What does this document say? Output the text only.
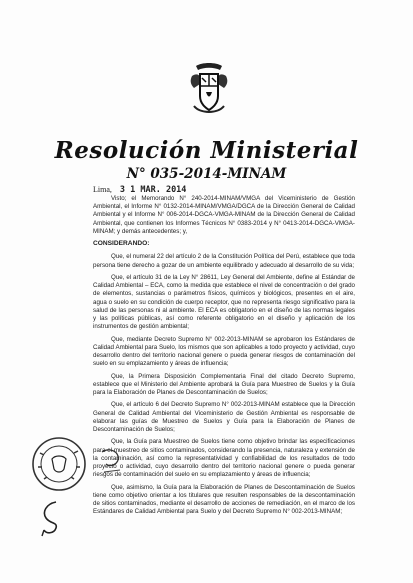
Resolución Ministerial
N° 035-2014-MINAM
Lima, 3 1 MAR. 2014

Visto; el Memorando N° 240-2014-MINAM/VMGA del Viceministerio de Gestión Ambiental, el Informe N° 0132-2014-MINAM/VMGA/DGCA de la Dirección General de Calidad Ambiental y el Informe N° 006-2014-DGCA-VMGA-MINAM de la Dirección General de Calidad Ambiental, que contienen los Informes Técnicos N° 0383-2014 y N° 0413-2014-DGCA-VMGA-MINAM; y demás antecedentes; y,

CONSIDERANDO:

Que, el numeral 22 del artículo 2 de la Constitución Política del Perú, establece que toda persona tiene derecho a gozar de un ambiente equilibrado y adecuado al desarrollo de su vida;

Que, el artículo 31 de la Ley N° 28611, Ley General del Ambiente, define al Estándar de Calidad Ambiental – ECA, como la medida que establece el nivel de concentración o del grado de elementos, sustancias o parámetros físicos, químicos y biológicos, presentes en el aire, agua o suelo en su condición de cuerpo receptor, que no representa riesgo significativo para la salud de las personas ni al ambiente. El ECA es obligatorio en el diseño de las normas legales y las políticas públicas, así como referente obligatorio en el diseño y aplicación de los instrumentos de gestión ambiental;

Que, mediante Decreto Supremo N° 002-2013-MINAM se aprobaron los Estándares de Calidad Ambiental para Suelo, los mismos que son aplicables a todo proyecto y actividad, cuyo desarrollo dentro del territorio nacional genere o pueda generar riesgos de contaminación del suelo en su emplazamiento y áreas de influencia;

Que, la Primera Disposición Complementaria Final del citado Decreto Supremo, establece que el Ministerio del Ambiente aprobará la Guía para Muestreo de Suelos y la Guía para la Elaboración de Planes de Descontaminación de Suelos;

Que, el artículo 6 del Decreto Supremo N° 002-2013-MINAM establece que la Dirección General de Calidad Ambiental del Viceministerio de Gestión Ambiental es responsable de elaborar las guías de Muestreo de Suelos y Guía para la Elaboración de Planes de Descontaminación de Suelos;

Que, la Guía para Muestreo de Suelos tiene como objetivo brindar las especificaciones para el muestreo de sitios contaminados, considerando la presencia, naturaleza y extensión de la contaminación, así como la representatividad y confiabilidad de los resultados de todo proyecto o actividad, cuyo desarrollo dentro del territorio nacional genere o pueda generar riesgos de contaminación del suelo en su emplazamiento y áreas de influencia;

Que, asimismo, la Guía para la Elaboración de Planes de Descontaminación de Suelos tiene como objetivo orientar a los titulares que resulten responsables de la descontaminación de sitios contaminados, mediante el desarrollo de acciones de remediación, en el marco de los Estándares de Calidad Ambiental para Suelo y del Decreto Supremo N° 002-2013-MINAM;
